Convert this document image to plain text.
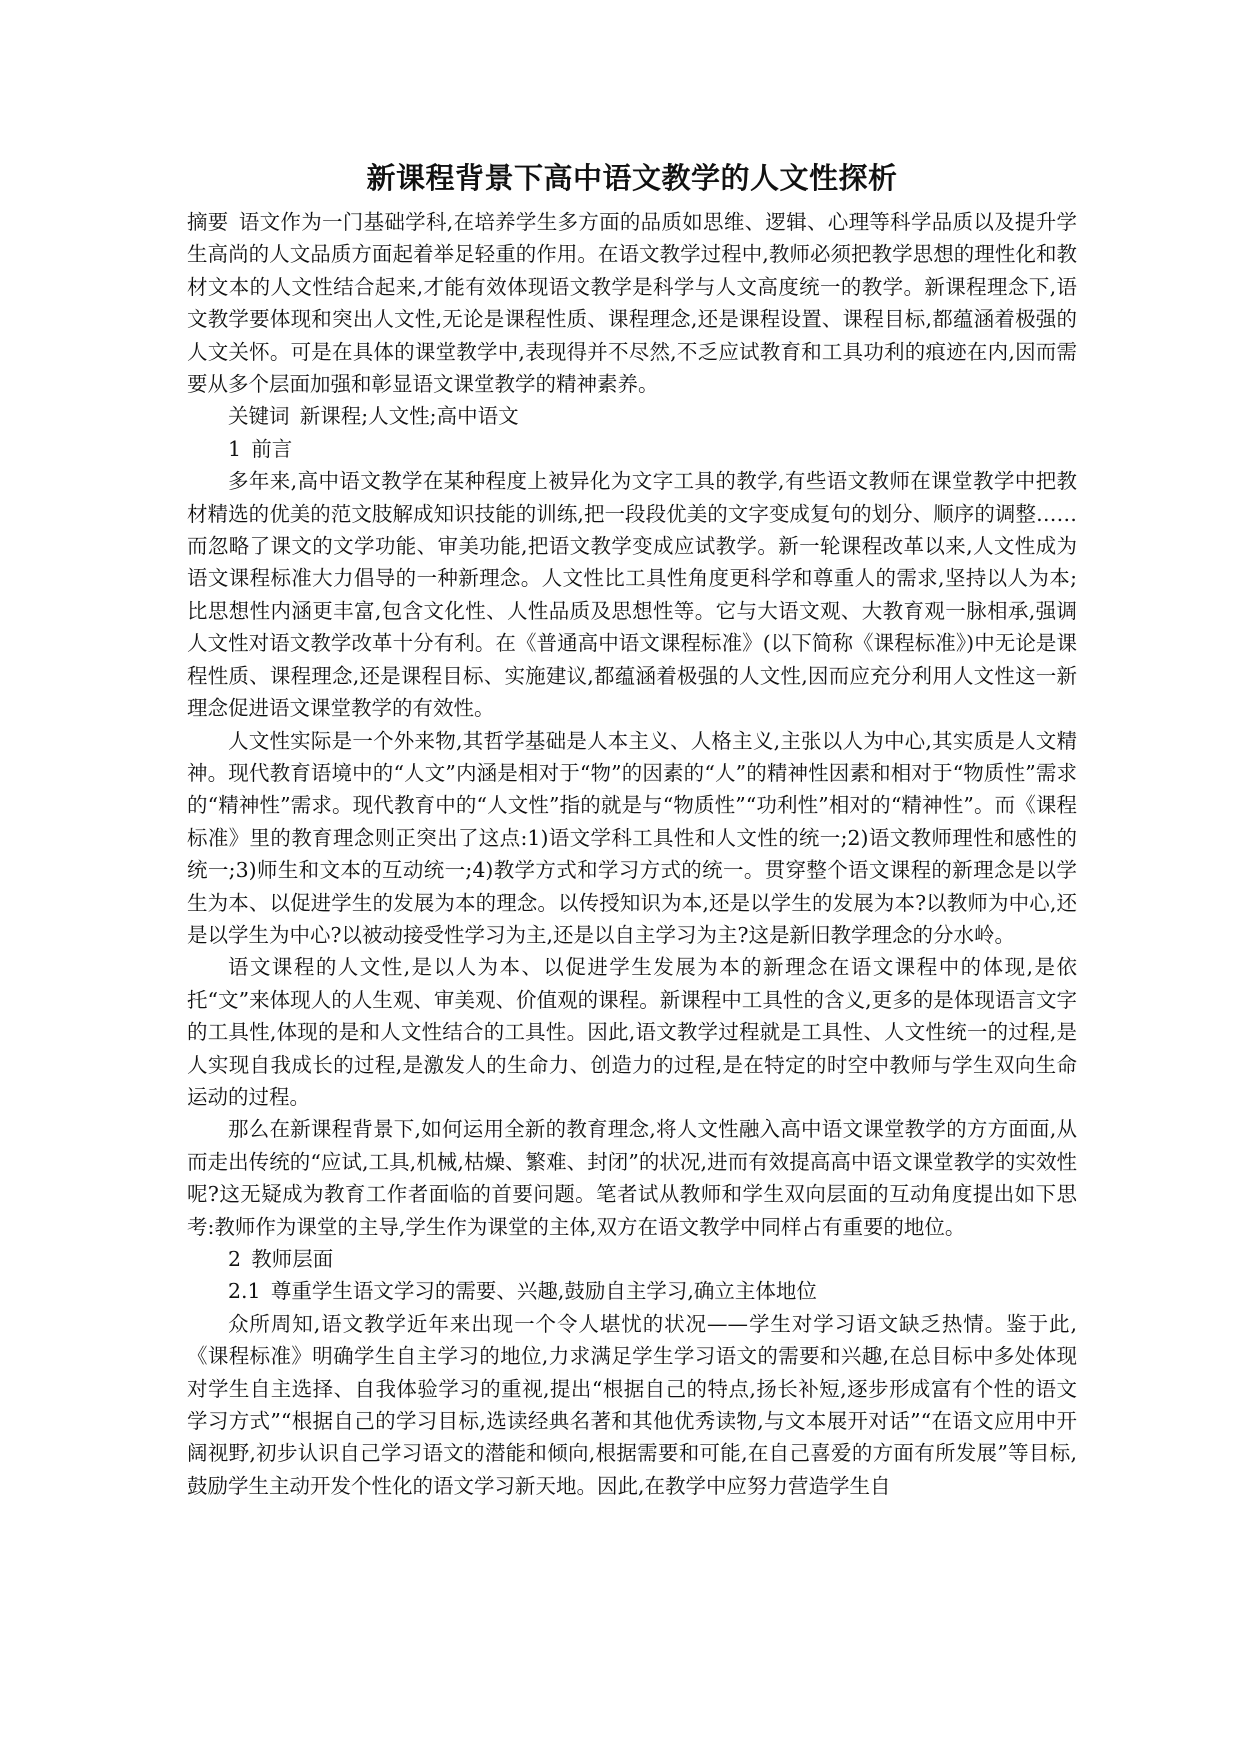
新课程背景下高中语文教学的人文性探析

摘要 语文作为一门基础学科,在培养学生多方面的品质如思维、逻辑、心理等科学品质以及提升学生高尚的人文品质方面起着举足轻重的作用。在语文教学过程中,教师必须把教学思想的理性化和教材文本的人文性结合起来,才能有效体现语文教学是科学与人文高度统一的教学。新课程理念下,语文教学要体现和突出人文性,无论是课程性质、课程理念,还是课程设置、课程目标,都蕴涵着极强的人文关怀。可是在具体的课堂教学中,表现得并不尽然,不乏应试教育和工具功利的痕迹在内,因而需要从多个层面加强和彰显语文课堂教学的精神素养。

关键词 新课程;人文性;高中语文

1 前言

多年来,高中语文教学在某种程度上被异化为文字工具的教学,有些语文教师在课堂教学中把教材精选的优美的范文肢解成知识技能的训练,把一段段优美的文字变成复句的划分、顺序的调整……而忽略了课文的文学功能、审美功能,把语文教学变成应试教学。新一轮课程改革以来,人文性成为语文课程标准大力倡导的一种新理念。人文性比工具性角度更科学和尊重人的需求,坚持以人为本;比思想性内涵更丰富,包含文化性、人性品质及思想性等。它与大语文观、大教育观一脉相承,强调人文性对语文教学改革十分有利。在《普通高中语文课程标准》(以下简称《课程标准》)中无论是课程性质、课程理念,还是课程目标、实施建议,都蕴涵着极强的人文性,因而应充分利用人文性这一新理念促进语文课堂教学的有效性。

人文性实际是一个外来物,其哲学基础是人本主义、人格主义,主张以人为中心,其实质是人文精神。现代教育语境中的“人文”内涵是相对于“物”的因素的“人”的精神性因素和相对于“物质性”需求的“精神性”需求。现代教育中的“人文性”指的就是与“物质性”“功利性”相对的“精神性”。而《课程标准》里的教育理念则正突出了这点:1)语文学科工具性和人文性的统一;2)语文教师理性和感性的统一;3)师生和文本的互动统一;4)教学方式和学习方式的统一。贯穿整个语文课程的新理念是以学生为本、以促进学生的发展为本的理念。以传授知识为本,还是以学生的发展为本?以教师为中心,还是以学生为中心?以被动接受性学习为主,还是以自主学习为主?这是新旧教学理念的分水岭。

语文课程的人文性,是以人为本、以促进学生发展为本的新理念在语文课程中的体现,是依托“文”来体现人的人生观、审美观、价值观的课程。新课程中工具性的含义,更多的是体现语言文字的工具性,体现的是和人文性结合的工具性。因此,语文教学过程就是工具性、人文性统一的过程,是人实现自我成长的过程,是激发人的生命力、创造力的过程,是在特定的时空中教师与学生双向生命运动的过程。

那么在新课程背景下,如何运用全新的教育理念,将人文性融入高中语文课堂教学的方方面面,从而走出传统的“应试,工具,机械,枯燥、繁难、封闭”的状况,进而有效提高高中语文课堂教学的实效性呢?这无疑成为教育工作者面临的首要问题。笔者试从教师和学生双向层面的互动角度提出如下思考:教师作为课堂的主导,学生作为课堂的主体,双方在语文教学中同样占有重要的地位。

2 教师层面

2.1 尊重学生语文学习的需要、兴趣,鼓励自主学习,确立主体地位

众所周知,语文教学近年来出现一个令人堪忧的状况——学生对学习语文缺乏热情。鉴于此,《课程标准》明确学生自主学习的地位,力求满足学生学习语文的需要和兴趣,在总目标中多处体现对学生自主选择、自我体验学习的重视,提出“根据自己的特点,扬长补短,逐步形成富有个性的语文学习方式”“根据自己的学习目标,选读经典名著和其他优秀读物,与文本展开对话”“在语文应用中开阔视野,初步认识自己学习语文的潜能和倾向,根据需要和可能,在自己喜爱的方面有所发展”等目标,鼓励学生主动开发个性化的语文学习新天地。因此,在教学中应努力营造学生自
